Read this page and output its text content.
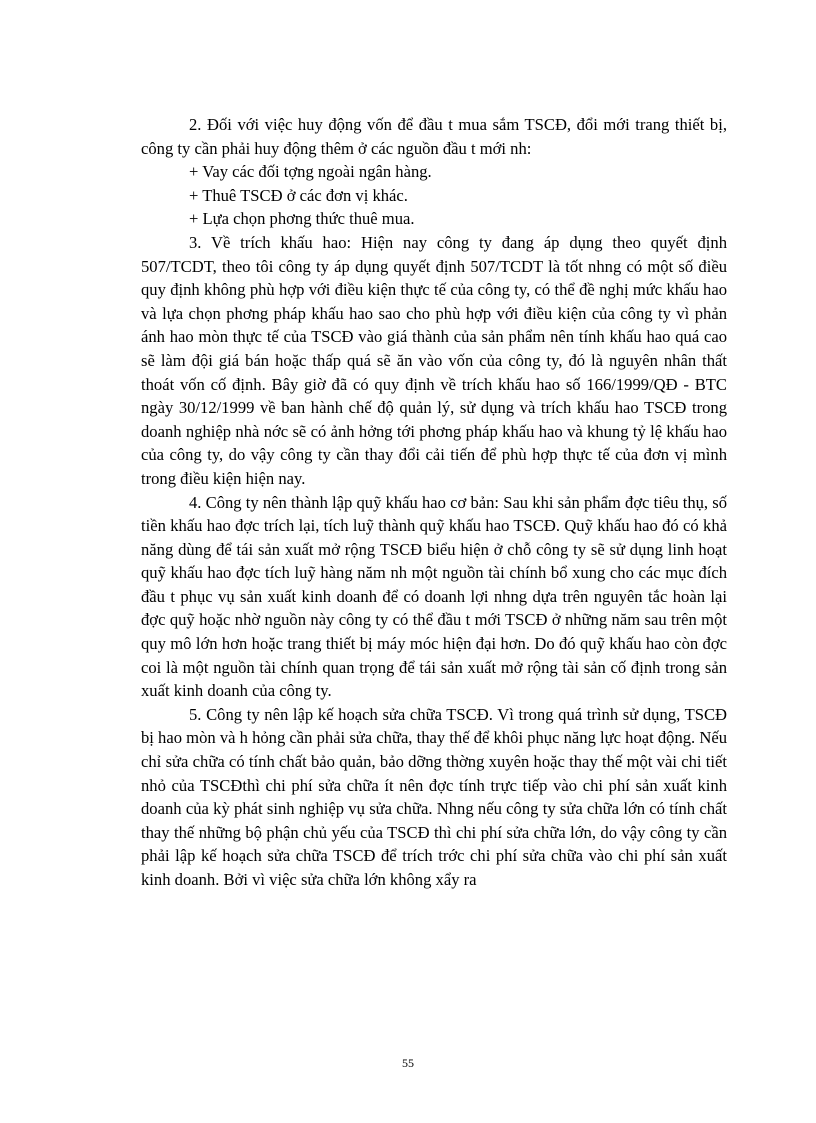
2. Đối với việc huy động vốn để đầu t mua sắm TSCĐ, đổi mới trang thiết bị, công ty cần phải huy động thêm ở các nguồn đầu t mới nh:

+ Vay các đối tợng ngoài ngân hàng.

+ Thuê TSCĐ ở các đơn vị khác.

+ Lựa chọn phơng thức thuê mua.

3. Về trích khấu hao: Hiện nay công ty đang áp dụng theo quyết định 507/TCDT, theo tôi công ty áp dụng quyết định 507/TCDT là tốt nhng có một số điều quy định không phù hợp với điều kiện thực tế của công ty, có thể đề nghị mức khấu hao và lựa chọn phơng pháp khấu hao sao cho phù hợp với điều kiện của công ty vì phản ánh hao mòn thực tế của TSCĐ vào giá thành của sản phẩm nên tính khấu hao quá cao sẽ làm đội giá bán hoặc thấp quá sẽ ăn vào vốn của công ty, đó là nguyên nhân thất thoát vốn cố định. Bây giờ đã có quy định về trích khấu hao số 166/1999/QĐ - BTC ngày 30/12/1999 về ban hành chế độ quản lý, sử dụng và trích khấu hao TSCĐ trong doanh nghiệp nhà nớc sẽ có ảnh hởng tới phơng pháp khấu hao và khung tỷ lệ khấu hao của công ty, do vậy công ty cần thay đổi cải tiến để phù hợp thực tế của đơn vị mình trong điều kiện hiện nay.

4. Công ty nên thành lập quỹ khấu hao cơ bản: Sau khi sản phẩm đợc tiêu thụ, số tiền khấu hao đợc trích lại, tích luỹ thành quỹ khấu hao TSCĐ. Quỹ khấu hao đó có khả năng dùng để tái sản xuất mở rộng TSCĐ biểu hiện ở chỗ công ty sẽ sử dụng linh hoạt quỹ khấu hao đợc tích luỹ hàng năm nh một nguồn tài chính bổ xung cho các mục đích đầu t phục vụ sản xuất kinh doanh để có doanh lợi nhng dựa trên nguyên tắc hoàn lại đợc quỹ hoặc nhờ nguồn này công ty có thể đầu t mới TSCĐ ở những năm sau trên một quy mô lớn hơn hoặc trang thiết bị máy móc hiện đại hơn. Do đó quỹ khấu hao còn đợc coi là một nguồn tài chính quan trọng để tái sản xuất mở rộng tài sản cố định trong sản xuất kinh doanh của công ty.

5. Công ty nên lập kế hoạch sửa chữa TSCĐ. Vì trong quá trình sử dụng, TSCĐ bị hao mòn và h hỏng cần phải sửa chữa, thay thế để khôi phục năng lực hoạt động. Nếu chỉ sửa chữa có tính chất bảo quản, bảo dỡng thờng xuyên hoặc thay thế một vài chi tiết nhỏ của TSCĐthì chi phí sửa chữa ít nên đợc tính trực tiếp vào chi phí sản xuất kinh doanh của kỳ phát sinh nghiệp vụ sửa chữa. Nhng nếu công ty sửa chữa lớn có tính chất thay thế những bộ phận chủ yếu của TSCĐ thì chi phí sửa chữa lớn, do vậy công ty cần phải lập kế hoạch sửa chữa TSCĐ để trích trớc chi phí sửa chữa vào chi phí sản xuất kinh doanh. Bởi vì việc sửa chữa lớn không xẩy ra

55
